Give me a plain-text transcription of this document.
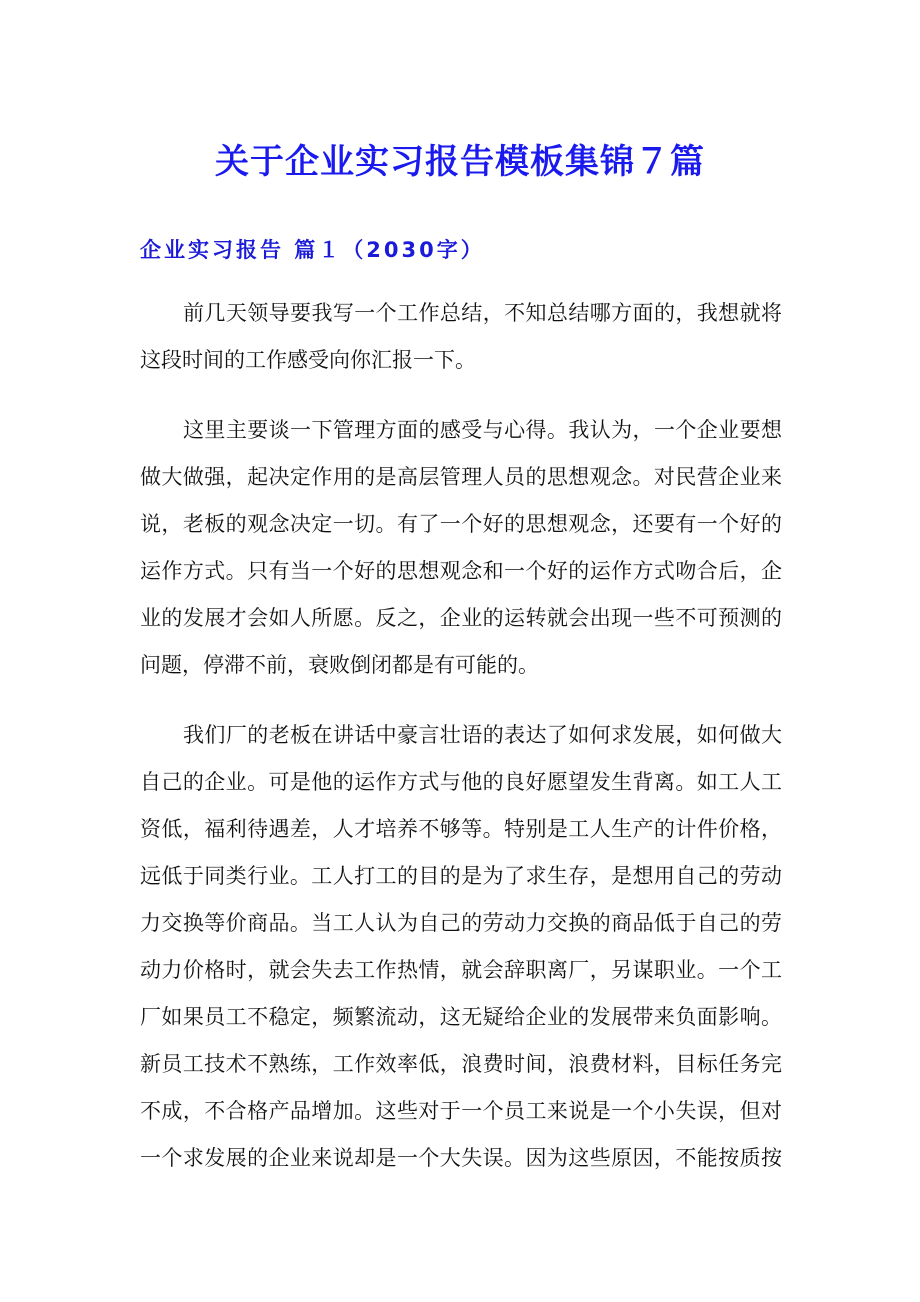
关于企业实习报告模板集锦７篇
企业实习报告 篇１（2030字）
前几天领导要我写一个工作总结，不知总结哪方面的，我想就将
这段时间的工作感受向你汇报一下。
这里主要谈一下管理方面的感受与心得。我认为，一个企业要想
做大做强，起决定作用的是高层管理人员的思想观念。对民营企业来
说，老板的观念决定一切。有了一个好的思想观念，还要有一个好的
运作方式。只有当一个好的思想观念和一个好的运作方式吻合后，企
业的发展才会如人所愿。反之，企业的运转就会出现一些不可预测的
问题，停滞不前，衰败倒闭都是有可能的。
我们厂的老板在讲话中豪言壮语的表达了如何求发展，如何做大
自己的企业。可是他的运作方式与他的良好愿望发生背离。如工人工
资低，福利待遇差，人才培养不够等。特别是工人生产的计件价格，
远低于同类行业。工人打工的目的是为了求生存，是想用自己的劳动
力交换等价商品。当工人认为自己的劳动力交换的商品低于自己的劳
动力价格时，就会失去工作热情，就会辞职离厂，另谋职业。一个工
厂如果员工不稳定，频繁流动，这无疑给企业的发展带来负面影响。
新员工技术不熟练，工作效率低，浪费时间，浪费材料，目标任务完
不成，不合格产品增加。这些对于一个员工来说是一个小失误，但对
一个求发展的企业来说却是一个大失误。因为这些原因，不能按质按
